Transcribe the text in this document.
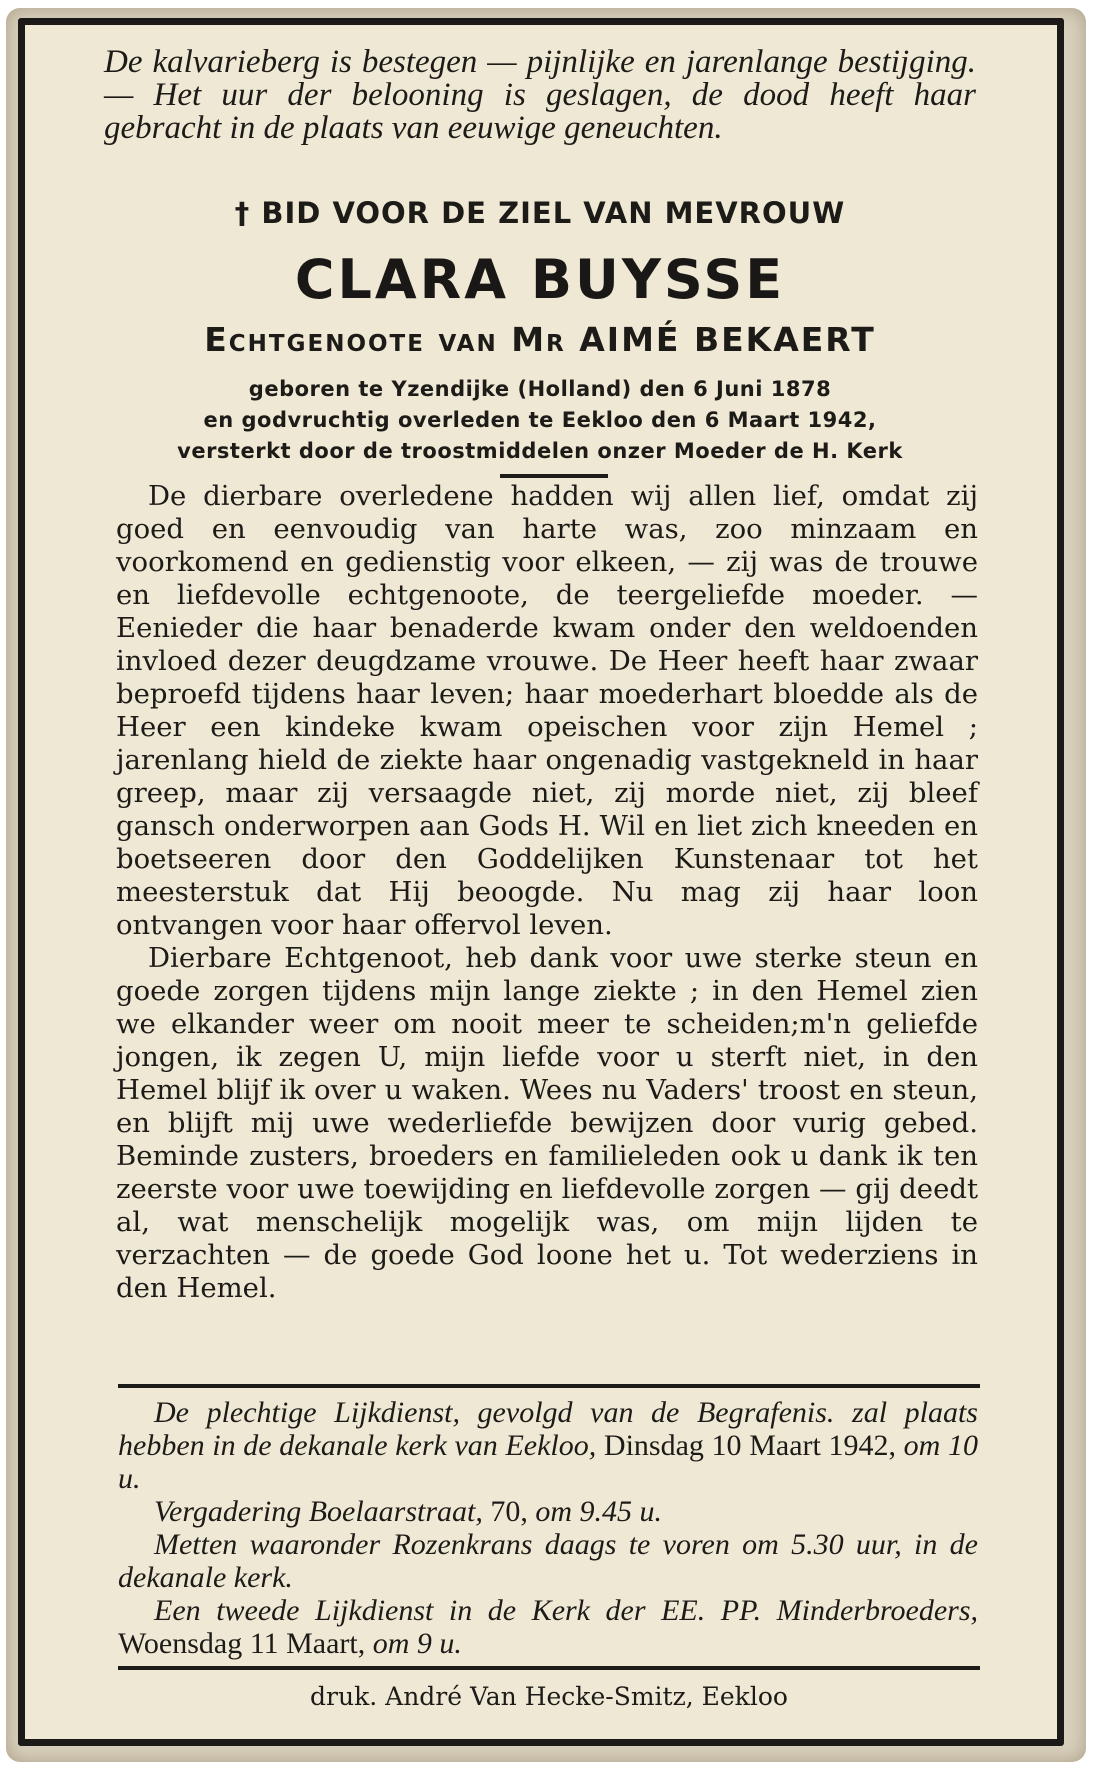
De kalvarieberg is bestegen — pijnlijke en jarenlange bestijging. — Het uur der belooning is geslagen, de dood heeft haar gebracht in de plaats van eeuwige geneuchten.
† BID VOOR DE ZIEL VAN MEVROUW
CLARA BUYSSE
Echtgenoote van Mr AIMÉ BEKAERT
geboren te Yzendijke (Holland) den 6 Juni 1878
en godvruchtig overleden te Eekloo den 6 Maart 1942,
versterkt door de troostmiddelen onzer Moeder de H. Kerk

De dierbare overledene hadden wij allen lief, omdat zij goed en eenvoudig van harte was, zoo minzaam en voorkomend en gedienstig voor elkeen, — zij was de trouwe en liefdevolle echtgenoote, de teergeliefde moeder. — Eenieder die haar benaderde kwam onder den weldoenden invloed dezer deugdzame vrouwe. De Heer heeft haar zwaar beproefd tijdens haar leven; haar moederhart bloedde als de Heer een kindeke kwam opeischen voor zijn Hemel ; jarenlang hield de ziekte haar ongenadig vastgekneld in haar greep, maar zij versaagde niet, zij morde niet, zij bleef gansch onderworpen aan Gods H. Wil en liet zich kneeden en boetseeren door den Goddelijken Kunstenaar tot het meesterstuk dat Hij beoogde. Nu mag zij haar loon ontvangen voor haar offervol leven.

Dierbare Echtgenoot, heb dank voor uwe sterke steun en goede zorgen tijdens mijn lange ziekte ; in den Hemel zien we elkander weer om nooit meer te scheiden;m'n geliefde jongen, ik zegen U, mijn liefde voor u sterft niet, in den Hemel blijf ik over u waken. Wees nu Vaders' troost en steun, en blijft mij uwe wederliefde bewijzen door vurig gebed. Beminde zusters, broeders en familieleden ook u dank ik ten zeerste voor uwe toewijding en liefdevolle zorgen — gij deedt al, wat menschelijk mogelijk was, om mijn lijden te verzachten — de goede God loone het u. Tot wederziens in den Hemel.

De plechtige Lijkdienst, gevolgd van de Begrafenis. zal plaats hebben in de dekanale kerk van Eekloo, Dinsdag 10 Maart 1942, om 10 u.

Vergadering Boelaarstraat, 70, om 9.45 u.

Metten waaronder Rozenkrans daags te voren om 5.30 uur, in de dekanale kerk.

Een tweede Lijkdienst in de Kerk der EE. PP. Minderbroeders, Woensdag 11 Maart, om 9 u.

druk. André Van Hecke-Smitz, Eekloo
